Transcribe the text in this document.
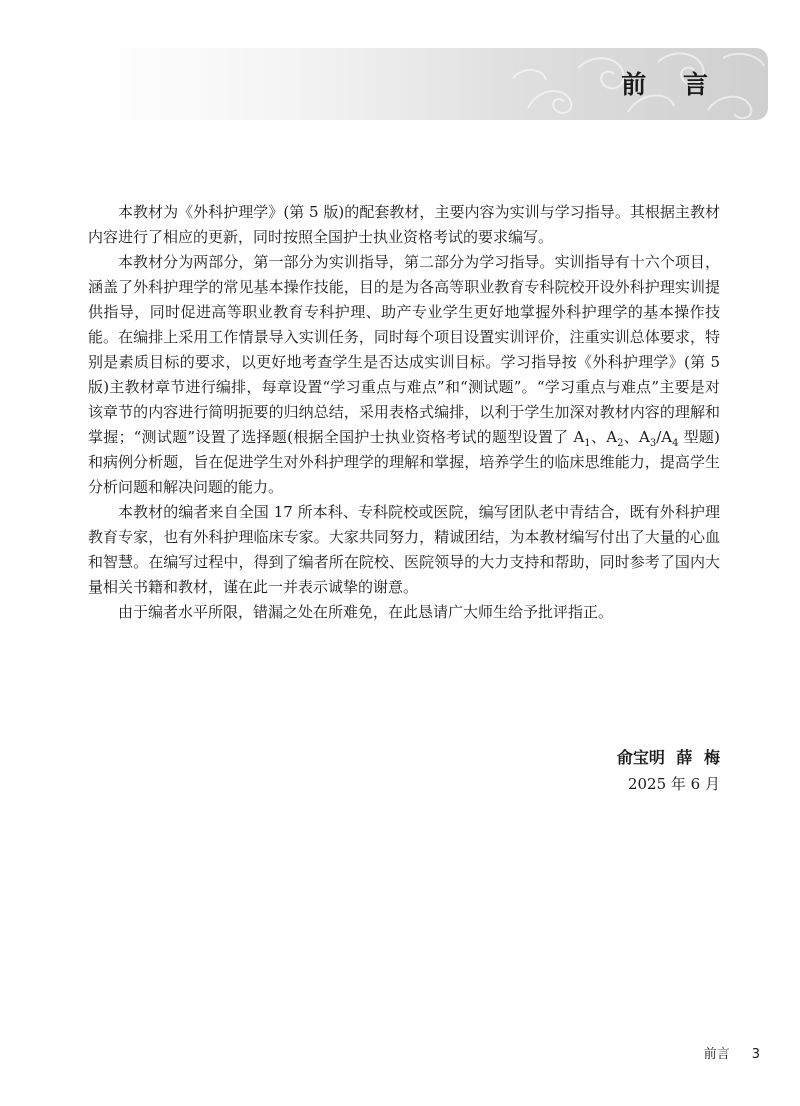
前 言

本教材为《外科护理学》(第 5 版)的配套教材，主要内容为实训与学习指导。其根据主教材内容进行了相应的更新，同时按照全国护士执业资格考试的要求编写。

本教材分为两部分，第一部分为实训指导，第二部分为学习指导。实训指导有十六个项目，涵盖了外科护理学的常见基本操作技能，目的是为各高等职业教育专科院校开设外科护理实训提供指导，同时促进高等职业教育专科护理、助产专业学生更好地掌握外科护理学的基本操作技能。在编排上采用工作情景导入实训任务，同时每个项目设置实训评价，注重实训总体要求，特别是素质目标的要求，以更好地考查学生是否达成实训目标。学习指导按《外科护理学》(第 5 版)主教材章节进行编排，每章设置“学习重点与难点”和“测试题”。“学习重点与难点”主要是对该章节的内容进行简明扼要的归纳总结，采用表格式编排，以利于学生加深对教材内容的理解和掌握；“测试题”设置了选择题(根据全国护士执业资格考试的题型设置了 $A_1$、$A_2$、$A_3/A_4$ 型题)和病例分析题，旨在促进学生对外科护理学的理解和掌握，培养学生的临床思维能力，提高学生分析问题和解决问题的能力。

本教材的编者来自全国 17 所本科、专科院校或医院，编写团队老中青结合，既有外科护理教育专家，也有外科护理临床专家。大家共同努力，精诚团结，为本教材编写付出了大量的心血和智慧。在编写过程中，得到了编者所在院校、医院领导的大力支持和帮助，同时参考了国内大量相关书籍和教材，谨在此一并表示诚挚的谢意。

由于编者水平所限，错漏之处在所难免，在此恳请广大师生给予批评指正。

俞宝明 薛 梅
2025 年 6 月
前言 3
